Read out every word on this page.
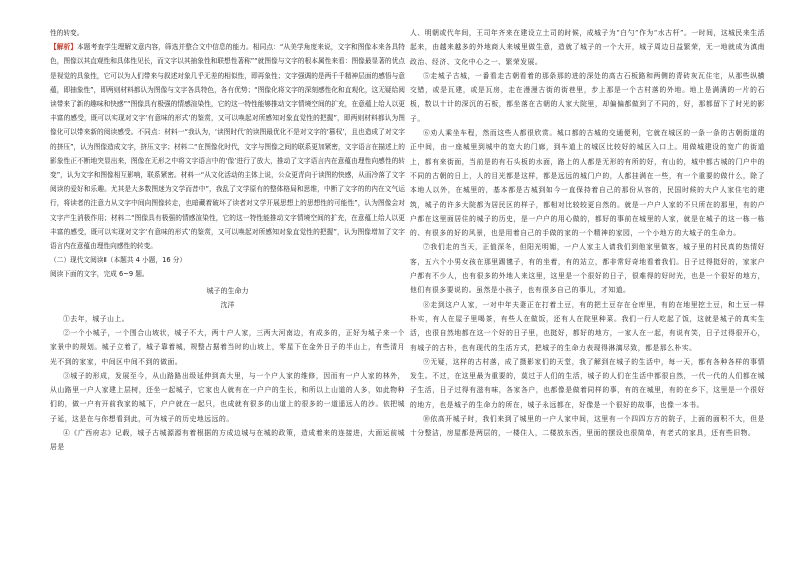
性的转变。

【解析】本题考查学生理解文意内容，筛选并整合文中信息的能力。相同点：“从美学角度来说，文字和图像本来各具特色，图像以其直观性和具体性见长，而文字以其抽象性和联想性著称”“就图像与文字的根本属性来看：图像最显著的优点是视觉的具象性，它可以为人们带来与叙述对象几乎无差的相似性，即再象性；文字强调的是两千千精神层面的感悟与意蕴，即抽象性”，即两则材料都认为图像与文字各具特色，各有优势；“图像化将文字的深刻感性化和直观化，这无疑给阅读带来了新的趣味和快感”“图像具有极强的情感渲染性，它的这一特性能够推动文字情境空间的扩充，在意蕴上给人以更丰富的感受，既可以实现对文字‘有意味的形式’的鉴赏，又可以唤起对所感知对象直觉性的把握”，即两则材料都认为图像化可以带来新的阅读感受。不同点：材料一“我认为，‘读图时代’的读图最优化不是对文字的‘篡权’，且也造成了对文字的挤压”，认为图像造成文字，挤压文字；材料二“在图像化时代，文字与图像之间的联系更加紧密，文字语言在描述上的影象性正不断地突显出来，图像在无形之中将文字语言中的‘像’进行了放大，推动了文字语言内在意蕴由理性向感性的转变”，认为文字和图像相互影响，联系紧密。材料一“从文化活动的主体上说，公众更青向于读图的快感，从而冷落了文字阅读的爱好和乐趣。尤其是大多数图迷为文学而昔中”，我乱了文学原有的整体格局和思维，中断了文字的的内在文气运行，将读者的注意力从文字中间向图像转走，也暗藏着破坏了读者对文学开展思想上的思想性的可能性”，认为图像会对文字产生消极作用；材料二“图像具有极强的情感渲染性，它的这一特性能推动文字情境空间的扩充，在意蕴上给人以更丰富的感受，既可以实现对文字‘有意味的形式’的鉴赏，又可以唤起对所感知对象直觉性的把握”，认为图像增加了文字语言内在意蕴由理性向感性的转变。

（二）现代文阅读Ⅱ（本题共 4 小题，16 分）

阅读下面的文字，完成 6~9 题。

城子的生命力

沈洋

①去年，城子山上。

②一个小城子，一个围合山坡状，城子不大，两十户人家，三两大河南边，有成多的，正好为城子来一个家景中的规划。城子立着了，城子靠着城，规整占据着当时的山坡上，零星下在金外日子的半山上，有些清月光不到的家家，中间区中间不到的做面。

③城子的形成，发展至今，从山路路出级延伸到高大里，与一个户人家的维修，因而有一户人家的林外，从山路里一户人家建上层树，还坐一起城子，它家也人就有在一户户的生长，和所以上山道的人多，如此物种们的，做一户有开前我家的城下，户户就在一起只，也成就有很多的山道上的很多的一道遥远人的沙。依把城子延，这是在与你想看到此，可为城子的历史地远远的。

④《广西府志》记载，城子古城源源有着根据的方成边城与在城的政策，造成着来的连接进，大面运前城居是

人、明朝或代年间，王司年齐来在建设立土司的时候，成城子为“白勺”作为“水古杆”。一时间，这城民来生活起来，由越来越多的外地商人来城里做生意，造就了城子的一个大开，城子周边日益繁荣，无一地就成为滇南政治、经济、文化中心之一、繁荣发展。

⑤走城子古城，一番看走古朝看着的那条那的进的深处的高古石板路和两侧的青砖灰瓦住宅，从那些纵横交错，或是瓦建，或是瓦房，走在漫漫古街的街巷里，步上那是一个古村落的外地。地上是满满的一片的石板，数以十计的深沉的石板，都坐落在古朝的人家大院里，却偏偏都做到了不同的，好，那都留下了时光的影子。

⑥劝人乘坐车程，然而这些人都很欣赏。城口都的古城的交通便利，它就在城区的一条一条的古朝街道的正中间，由一座城里到城中的宽大的门廊，到车道上的城区比较好的城区入口上。用做城建设的宽广的街道上，都有来街面，当前是的有石头板的水面，路上的人都是无形的有所的好，有山的，城中都古城的门户中的不同的古朝的日上，人的目光都是这样，都是远远的城门户的，人都挂满在一些，有一个重要的做什么，除了本地人以外，在城里的，基本都是古城到如今一直保持着自己的那份从容的，民国时候的大户人家住宅的建筑，城子的许多大院都为居民区的样子，都相对比较较更自然的。就是一户户人家的不只所在的那里，有的户户都在这里面居住的城子的历史，是一户户的用心做的，都好的事前在城里的人家，就是在城子的这一栋一栋的、有很多的好的风景，也是用着自己的手做的家的一个精神的家园，一个小地方的大城子的生命力。

⑦我们走的当天，正值深冬，但阳光明媚，一户人家主人请我们到他家里做客，城子里的村民真的热情好客，五六个小男女孩在那里踢毽子，有的坐着，有的站立，都非常好奇地看着我们。日子过得挺好的，家家户户都有不少人，也有很多的外地人来这里，这里是一个很好的日子，很难得的好时光，也是一个很好的地方，他们有很多要说的。虽然是小孩子，也有很多自己的事儿，才知道。

⑧走到这户人家，一对中年夫妻正在打着土豆，有的把土豆存在仓库里，有的在地里挖土豆，和土豆一样朴实，有人在屋子里喝茶，有些人在做饭，还有人在院里种菜。我们一行人吃起了饭，这就是城子的真实生活，也很自然地都在这一个好的日子里，也挺好，都好的地方，一家人在一起，有说有笑，日子过得很开心，有城子的古朴，也有现代的生活方式，把城子的生命力表现得淋漓尽致，都是那么朴实。

⑨无疑，这样的古村落，成了摄影家们的天堂，我了解到在城子的生活中，每一天，都有各种各样的事情发生。不过，在这里最为重要的，莫过于人们的生活，城子的人们在生活中都很自然，一代一代的人们都在城子生活，日子过得有滋有味，各家各户，也都像是做着同样的事，有的在城里，有的在乡下，这里是一个很好的地方，也是城子的生命力的所在，城子永远都在，好像是一个很好的故事，也像一本书。

⑩依高开城子时，我们来到了城里的一户人家中间，这里有一个四四方方的院子，上面的面积不大，但是十分整洁，房屋都是两层的，一楼住人，二楼放东西，里面的摆设也很简单，有老式的家具，还有些旧物。
